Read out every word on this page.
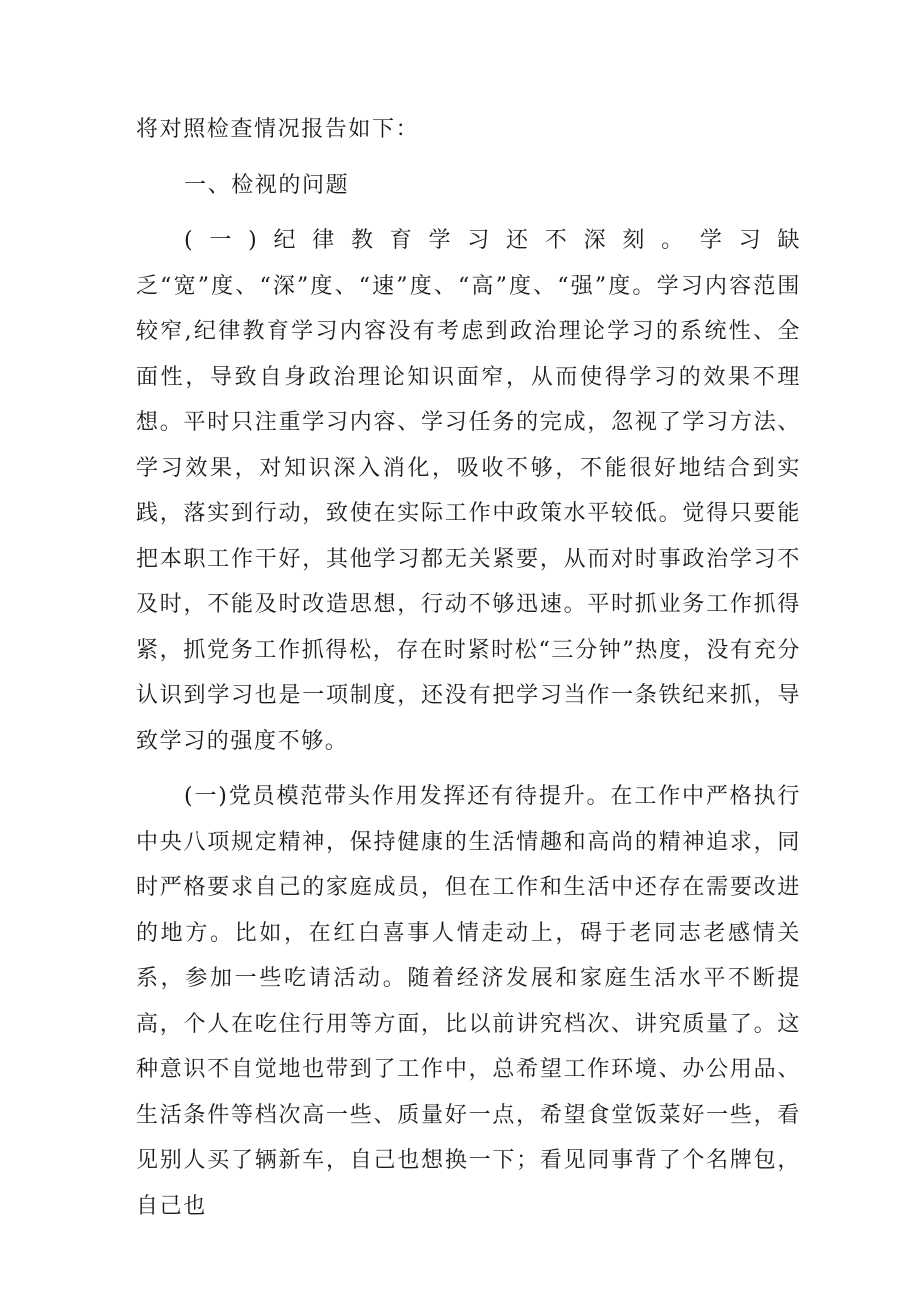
将对照检查情况报告如下：

一、检视的问题

(一)纪律教育学习还不深刻。学习缺乏“宽”度、“深”度、“速”度、“高”度、“强”度。学习内容范围较窄,纪律教育学习内容没有考虑到政治理论学习的系统性、全面性，导致自身政治理论知识面窄，从而使得学习的效果不理想。平时只注重学习内容、学习任务的完成，忽视了学习方法、学习效果，对知识深入消化，吸收不够，不能很好地结合到实践，落实到行动，致使在实际工作中政策水平较低。觉得只要能把本职工作干好，其他学习都无关紧要，从而对时事政治学习不及时，不能及时改造思想，行动不够迅速。平时抓业务工作抓得紧，抓党务工作抓得松，存在时紧时松“三分钟”热度，没有充分认识到学习也是一项制度，还没有把学习当作一条铁纪来抓，导致学习的强度不够。

(一)党员模范带头作用发挥还有待提升。在工作中严格执行中央八项规定精神，保持健康的生活情趣和高尚的精神追求，同时严格要求自己的家庭成员，但在工作和生活中还存在需要改进的地方。比如，在红白喜事人情走动上，碍于老同志老感情关系，参加一些吃请活动。随着经济发展和家庭生活水平不断提高，个人在吃住行用等方面，比以前讲究档次、讲究质量了。这种意识不自觉地也带到了工作中，总希望工作环境、办公用品、生活条件等档次高一些、质量好一点，希望食堂饭菜好一些，看见别人买了辆新车，自己也想换一下；看见同事背了个名牌包，自己也
